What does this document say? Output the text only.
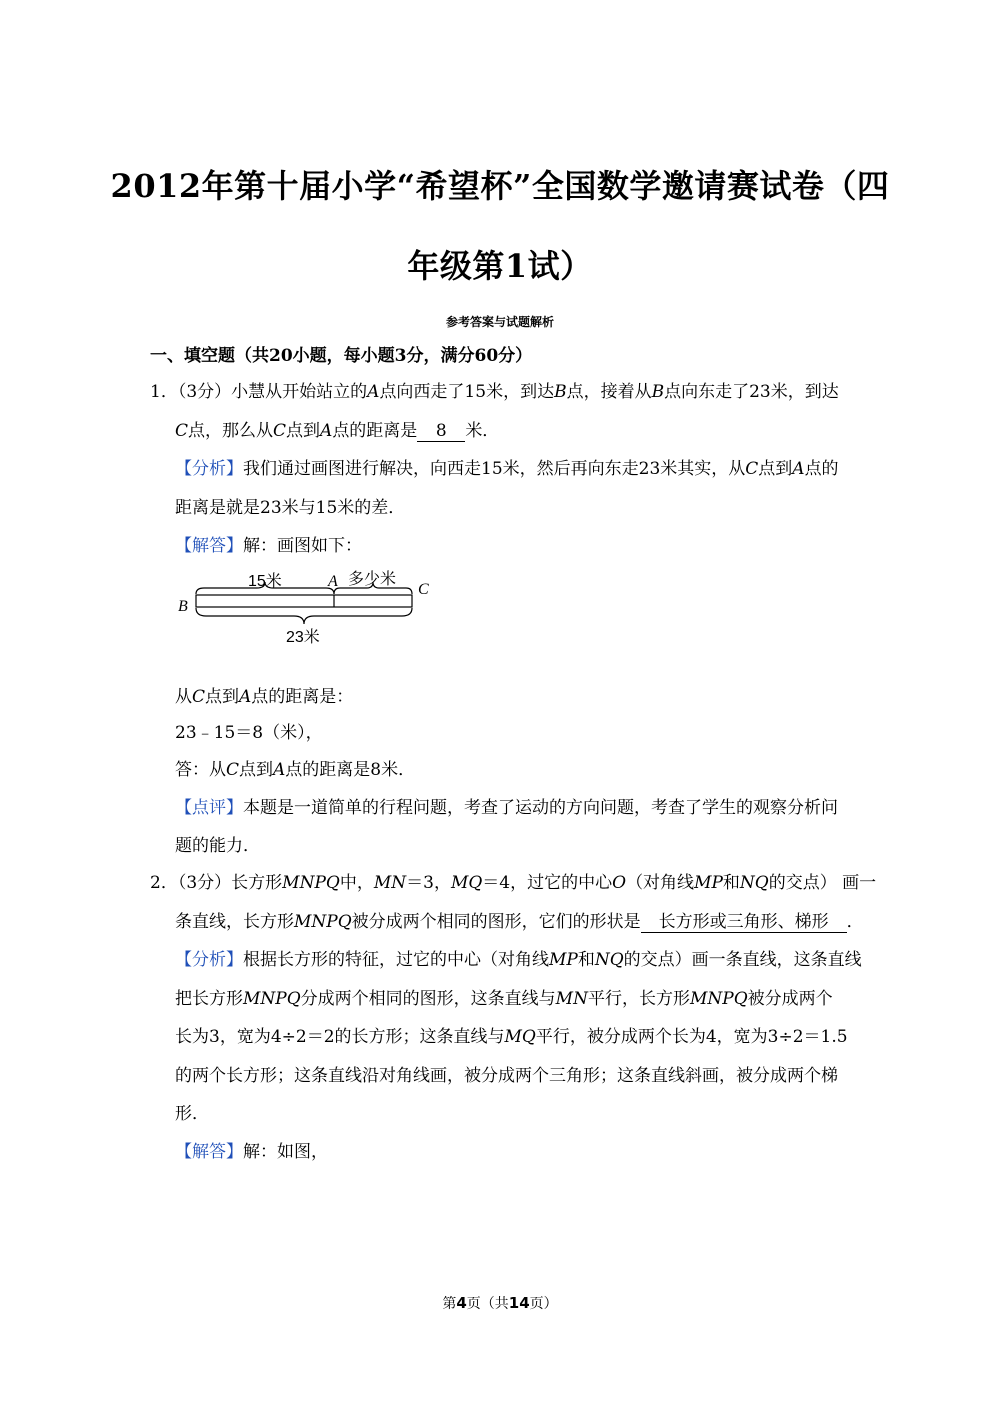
2012年第十届小学“希望杯”全国数学邀请赛试卷（四
年级第1试）
参考答案与试题解析
一、填空题（共20小题，每小题3分，满分60分）
1．（3分）小慧从开始站立的A点向西走了15米，到达B点，接着从B点向东走了23米，到达
C点，那么从C点到A点的距离是 8 米．
【分析】我们通过画图进行解决，向西走15米，然后再向东走23米其实，从C点到A点的
距离是就是23米与15米的差．
【解答】解：画图如下：
15米	A 多少米
C
B
23米
从C点到A点的距离是：
23﹣15＝8（米），
答：从C点到A点的距离是8米．
【点评】本题是一道简单的行程问题，考查了运动的方向问题，考查了学生的观察分析问
题的能力．
2．（3分）长方形MNPQ中，MN＝3，MQ＝4，过它的中心O（对角线MP和NQ的交点） 画一
条直线，长方形MNPQ被分成两个相同的图形，它们的形状是 长方形或三角形、梯形 ．
【分析】根据长方形的特征，过它的中心（对角线MP和NQ的交点）画一条直线，这条直线
把长方形MNPQ分成两个相同的图形，这条直线与MN平行，长方形MNPQ被分成两个
长为3，宽为4÷2＝2的长方形；这条直线与MQ平行，被分成两个长为4，宽为3÷2＝1.5
的两个长方形；这条直线沿对角线画，被分成两个三角形；这条直线斜画，被分成两个梯
形．
【解答】解：如图，
第4页（共14页）
